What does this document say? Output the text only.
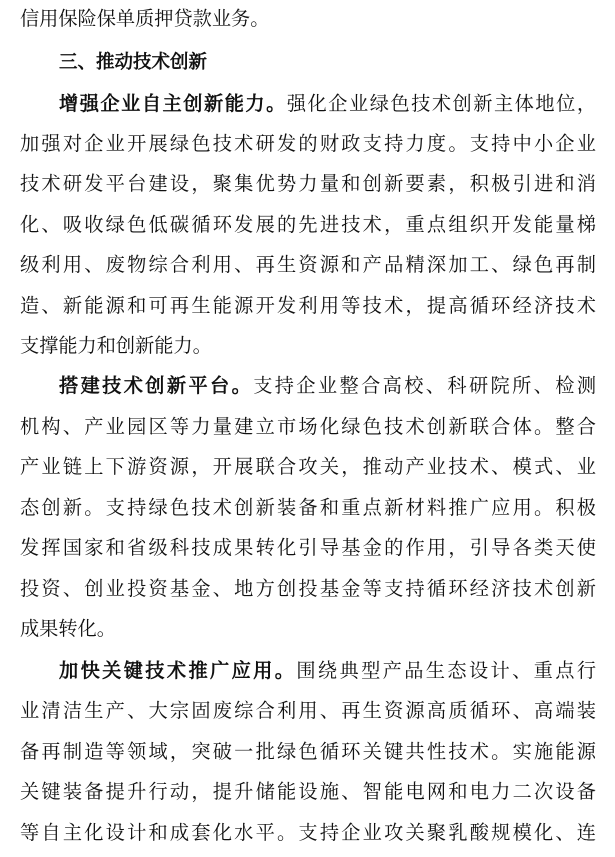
信用保险保单质押贷款业务。
三、推动技术创新
增强企业自主创新能力。强化企业绿色技术创新主体地位，
加强对企业开展绿色技术研发的财政支持力度。支持中小企业
技术研发平台建设，聚集优势力量和创新要素，积极引进和消
化、吸收绿色低碳循环发展的先进技术，重点组织开发能量梯
级利用、废物综合利用、再生资源和产品精深加工、绿色再制
造、新能源和可再生能源开发利用等技术，提高循环经济技术
支撑能力和创新能力。
搭建技术创新平台。支持企业整合高校、科研院所、检测
机构、产业园区等力量建立市场化绿色技术创新联合体。整合
产业链上下游资源，开展联合攻关，推动产业技术、模式、业
态创新。支持绿色技术创新装备和重点新材料推广应用。积极
发挥国家和省级科技成果转化引导基金的作用，引导各类天使
投资、创业投资基金、地方创投基金等支持循环经济技术创新
成果转化。
加快关键技术推广应用。围绕典型产品生态设计、重点行
业清洁生产、大宗固废综合利用、再生资源高质循环、高端装
备再制造等领域，突破一批绿色循环关键共性技术。实施能源
关键装备提升行动，提升储能设施、智能电网和电力二次设备
等自主化设计和成套化水平。支持企业攻关聚乳酸规模化、连
